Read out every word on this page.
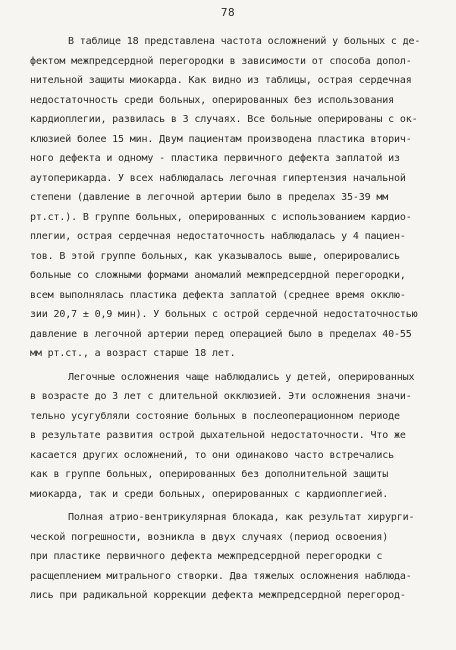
78
В таблице 18 представлена частота осложнений у больных с де-
фектом межпредсердной перегородки в зависимости от способа допол-
нительной защиты миокарда. Как видно из таблицы, острая сердечная
недостаточность среди больных, оперированных без использования
кардиоплегии, развилась в 3 случаях. Все больные оперированы с ок-
клюзией более 15 мин. Двум пациентам производена пластика вторич-
ного дефекта и одному - пластика первичного дефекта заплатой из
аутоперикарда. У всех наблюдалась легочная гипертензия начальной
степени (давление в легочной артерии было в пределах 35-39 мм
рт.ст.). В группе больных, оперированных с использованием кардио-
плегии, острая сердечная недостаточность наблюдалась у 4 пациен-
тов. В этой группе больных, как указывалось выше, оперировались
больные со сложными формами аномалий межпредсердной перегородки,
всем выполнялась пластика дефекта заплатой (среднее время окклю-
зии 20,7 ± 0,9 мин). У больных с острой сердечной недостаточностью
давление в легочной артерии перед операцией было в пределах 40-55
мм рт.ст., а возраст старше 18 лет.
Легочные осложнения чаще наблюдались у детей, оперированных
в возрасте до 3 лет с длительной окклюзией. Эти осложнения значи-
тельно усугубляли состояние больных в послеоперационном периоде
в результате развития острой дыхательной недостаточности. Что же
касается других осложнений, то они одинаково часто встречались
как в группе больных, оперированных без дополнительной защиты
миокарда, так и среди больных, оперированных с кардиоплегией.
Полная атрио-вентрикулярная блокада, как результат хирурги-
ческой погрешности, возникла в двух случаях (период освоения)
при пластике первичного дефекта межпредсердной перегородки с
расщеплением митрального створки. Два тяжелых осложнения наблюда-
лись при радикальной коррекции дефекта межпредсердной перегород-
